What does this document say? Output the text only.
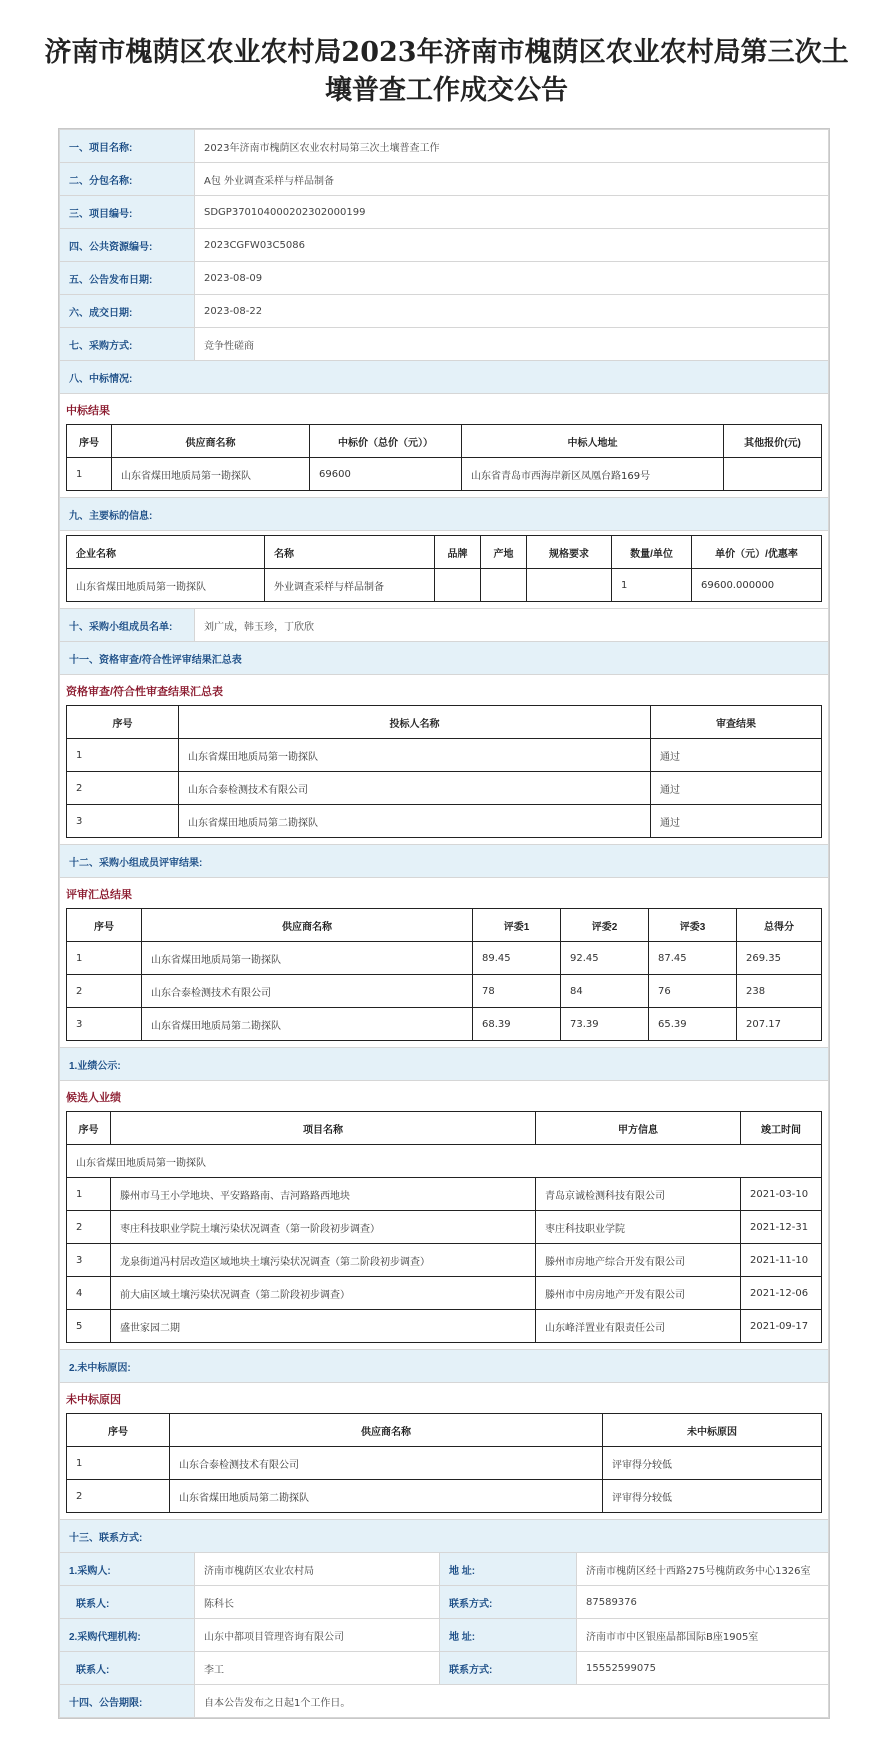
济南市槐荫区农业农村局2023年济南市槐荫区农业农村局第三次土
壤普查工作成交公告
一、项目名称:	2023年济南市槐荫区农业农村局第三次土壤普查工作
二、分包名称:	A包 外业调查采样与样品制备
三、项目编号:	SDGP370104000202302000199
四、公共资源编号:	2023CGFW03C5086
五、公告发布日期:	2023-08-09
六、成交日期:	2023-08-22
七、采购方式:	竞争性磋商
八、中标情况:

中标结果
序号	供应商名称	中标价（总价（元））	中标人地址	其他报价(元)
1	山东省煤田地质局第一勘探队	69600	山东省青岛市西海岸新区凤凰台路169号	

九、主要标的信息:

企业名称	名称	品牌	产地	规格要求	数量/单位	单价（元）/优惠率
山东省煤田地质局第一勘探队	外业调查采样与样品制备				1	69600.000000

十、采购小组成员名单:	刘广成，韩玉珍，丁欣欣
十一、资格审查/符合性评审结果汇总表

资格审查/符合性审查结果汇总表
序号	投标人名称	审查结果
1	山东省煤田地质局第一勘探队	通过
2	山东合泰检测技术有限公司	通过
3	山东省煤田地质局第二勘探队	通过

十二、采购小组成员评审结果:

评审汇总结果
序号	供应商名称	评委1	评委2	评委3	总得分
1	山东省煤田地质局第一勘探队	89.45	92.45	87.45	269.35
2	山东合泰检测技术有限公司	78	84	76	238
3	山东省煤田地质局第二勘探队	68.39	73.39	65.39	207.17

1.业绩公示:

候选人业绩
序号	项目名称	甲方信息	竣工时间
山东省煤田地质局第一勘探队
1	滕州市马王小学地块、平安路路南、吉河路路西地块	青岛京诚检测科技有限公司	2021-03-10
2	枣庄科技职业学院土壤污染状况调查（第一阶段初步调查）	枣庄科技职业学院	2021-12-31
3	龙泉街道冯村居改造区域地块土壤污染状况调查（第二阶段初步调查）	滕州市房地产综合开发有限公司	2021-11-10
4	前大庙区域土壤污染状况调查（第二阶段初步调查）	滕州市中房房地产开发有限公司	2021-12-06
5	盛世家园二期	山东峰洋置业有限责任公司	2021-09-17

2.未中标原因:

未中标原因
序号	供应商名称	未中标原因
1	山东合泰检测技术有限公司	评审得分较低
2	山东省煤田地质局第二勘探队	评审得分较低

十三、联系方式:
1.采购人:	济南市槐荫区农业农村局	地 址:	济南市槐荫区经十西路275号槐荫政务中心1326室
联系人:	陈科长	联系方式:	87589376
2.采购代理机构:	山东中都项目管理咨询有限公司	地 址:	济南市市中区银座晶都国际B座1905室
联系人:	李工	联系方式:	15552599075
十四、公告期限:	自本公告发布之日起1个工作日。
